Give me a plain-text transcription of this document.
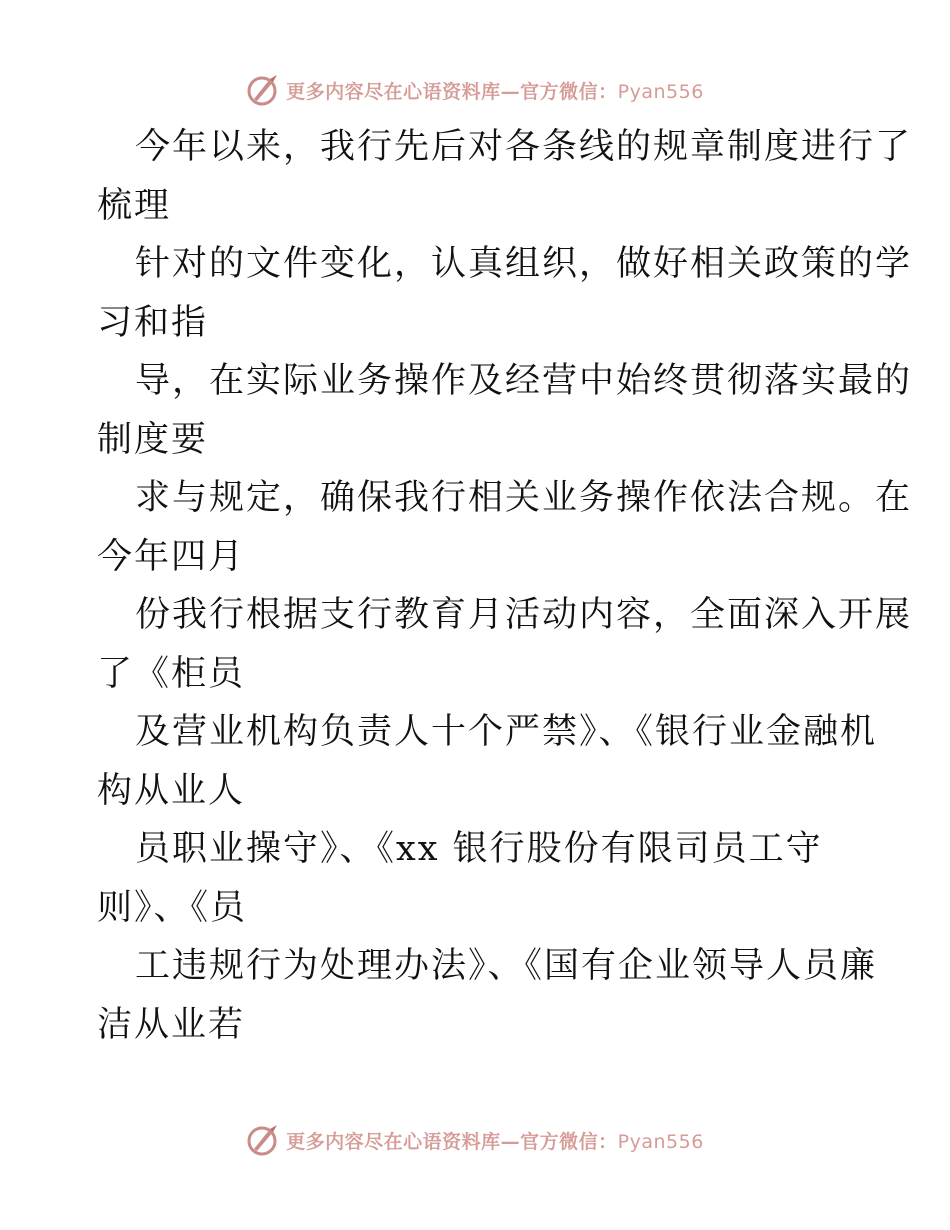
更多内容尽在心语资料库—官方微信：Pyan556
今年以来，我行先后对各条线的规章制度进行了
梳理
针对的文件变化，认真组织，做好相关政策的学
习和指
导，在实际业务操作及经营中始终贯彻落实最的
制度要
求与规定，确保我行相关业务操作依法合规。在
今年四月
份我行根据支行教育月活动内容，全面深入开展
了《柜员
及营业机构负责人十个严禁》、《银行业金融机
构从业人
员职业操守》、《xx 银行股份有限司员工守
则》、《员
工违规行为处理办法》、《国有企业领导人员廉
洁从业若
更多内容尽在心语资料库—官方微信：Pyan556
